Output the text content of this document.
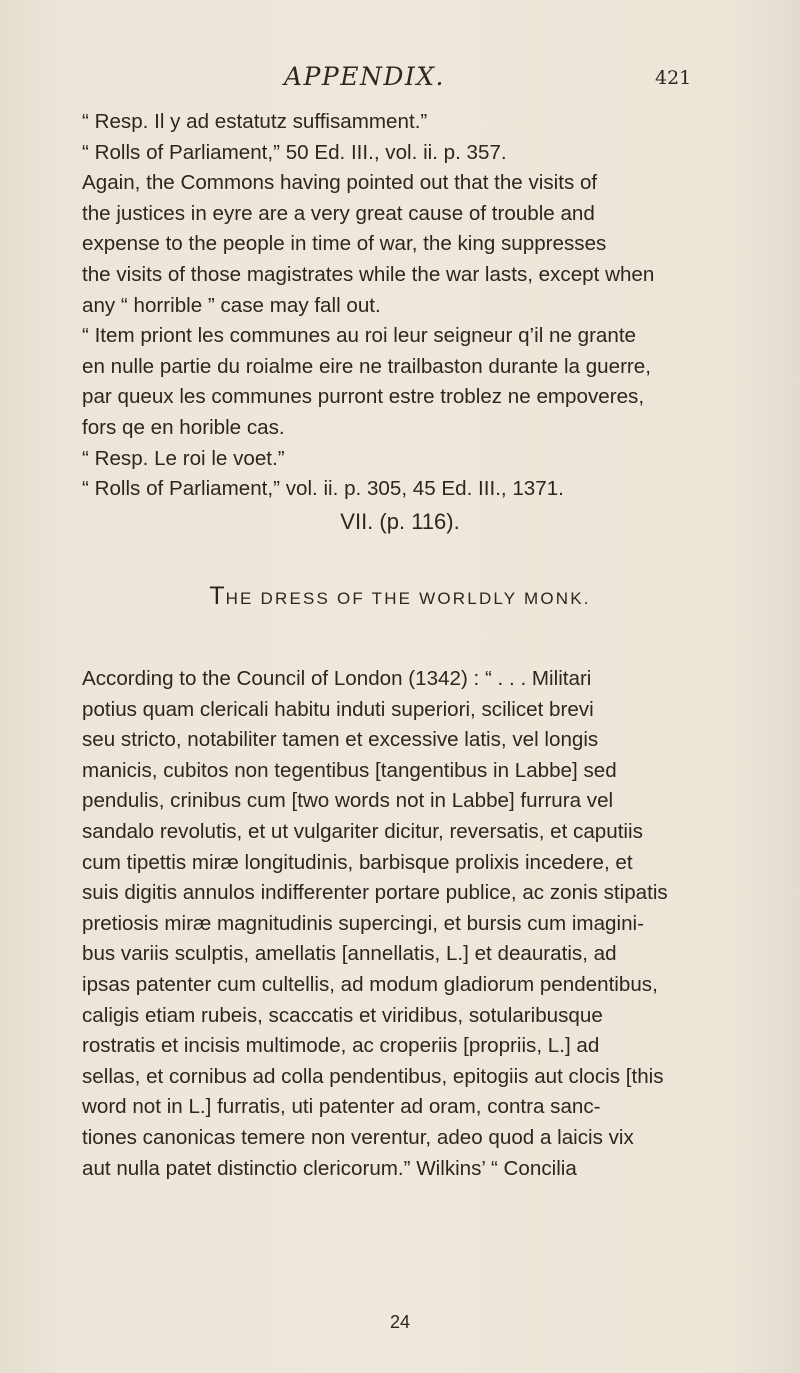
APPENDIX.	421
“ Resp. Il y ad estatutz suffisamment.”
“ Rolls of Parliament,” 50 Ed. III., vol. ii. p. 357.
Again, the Commons having pointed out that the visits of
the justices in eyre are a very great cause of trouble and
expense to the people in time of war, the king suppresses
the visits of those magistrates while the war lasts, except when
any “ horrible ” case may fall out.
“ Item priont les communes au roi leur seigneur q’il ne grante
en nulle partie du roialme eire ne trailbaston durante la guerre,
par queux les communes purront estre troblez ne empoveres,
fors qe en horible cas.
“ Resp. Le roi le voet.”
“ Rolls of Parliament,” vol. ii. p. 305, 45 Ed. III., 1371.
VII. (p. 116).
THE DRESS OF THE WORLDLY MONK.
According to the Council of London (1342) : “ . . . Militari
potius quam clericali habitu induti superiori, scilicet brevi
seu stricto, notabiliter tamen et excessive latis, vel longis
manicis, cubitos non tegentibus [tangentibus in Labbe] sed
pendulis, crinibus cum [two words not in Labbe] furrura vel
sandalo revolutis, et ut vulgariter dicitur, reversatis, et caputiis
cum tipettis miræ longitudinis, barbisque prolixis incedere, et
suis digitis annulos indifferenter portare publice, ac zonis stipatis
pretiosis miræ magnitudinis supercingi, et bursis cum imagini-
bus variis sculptis, amellatis [annellatis, L.] et deauratis, ad
ipsas patenter cum cultellis, ad modum gladiorum pendentibus,
caligis etiam rubeis, scaccatis et viridibus, sotularibusque
rostratis et incisis multimode, ac croperiis [propriis, L.] ad
sellas, et cornibus ad colla pendentibus, epitogiis aut clocis [this
word not in L.] furratis, uti patenter ad oram, contra sanc-
tiones canonicas temere non verentur, adeo quod a laicis vix
aut nulla patet distinctio clericorum.” Wilkins’ “ Concilia
24
